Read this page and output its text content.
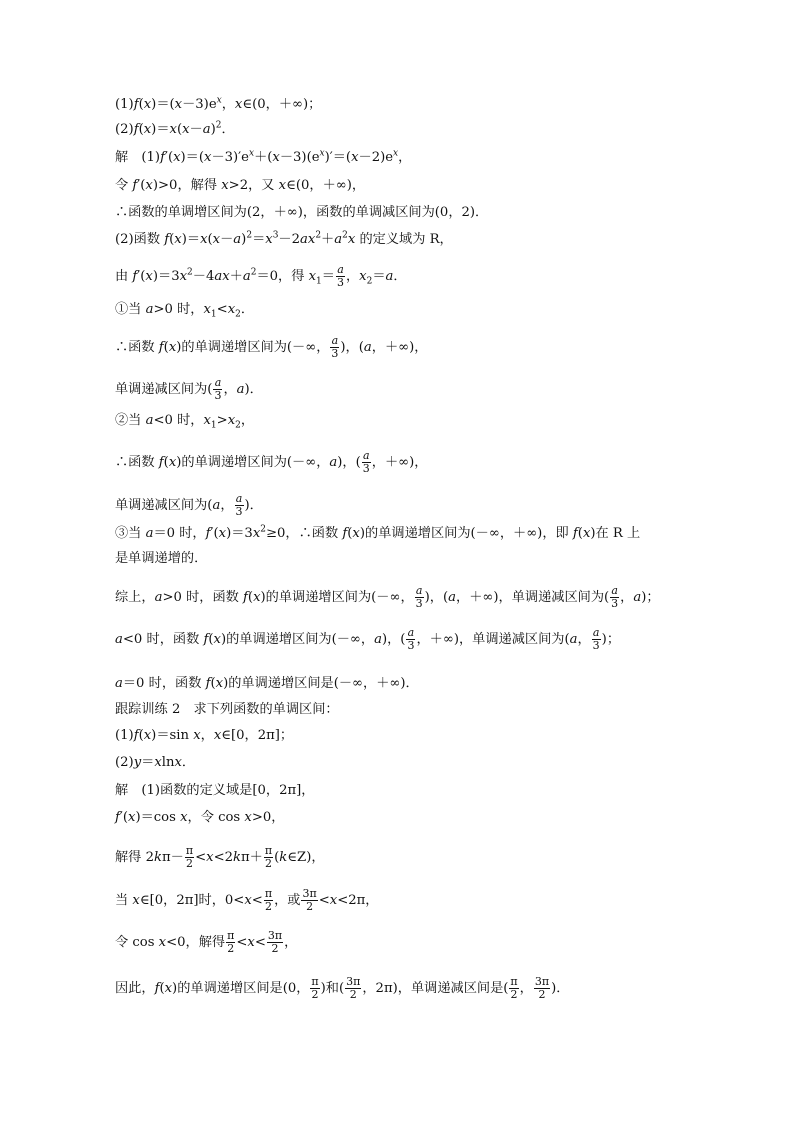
$(1)f(x)=(x-3)e^x$，x∈(0，＋∞)；
$(2)f(x)=x(x-a)^2$．
解　$(1)f'(x)=(x-3)'e^x+(x-3)(e^x)'=(x-2)e^x$，
令 f′(x)>0，解得 x>2，又 x∈(0，＋∞)，
∴函数的单调增区间为(2，＋∞)，函数的单调减区间为(0，2)．
(2)函数 $f(x)=x(x-a)^2=x^3-2ax^2+a^2x$ 的定义域为 R，
由 $f'(x)=3x^2-4ax+a^2=0$，得 $x_1= \frac{a}{3}$ ，$x_2=a$．
①当 a>0 时，$x_1<x_2$．
∴函数 f(x)的单调递增区间为(－∞， $\frac{a}{3}$ )，(a，＋∞)，
单调递减区间为( $\frac{a}{3}$ ，a)．
②当 a<0 时，$x_1>x_2$，
∴函数 f(x)的单调递增区间为(－∞，a)，( $\frac{a}{3}$ ，＋∞)，
单调递减区间为(a， $\frac{a}{3}$ )．
③当 a＝0 时，$f'(x)=3x^2\ge 0$，∴函数 f(x)的单调递增区间为(－∞，＋∞)，即 f(x)在 R 上
是单调递增的．
综上，a>0 时，函数 f(x)的单调递增区间为(－∞， $\frac{a}{3}$ )，(a，＋∞)，单调递减区间为( $\frac{a}{3}$ ，a)；
a<0 时，函数 f(x)的单调递增区间为(－∞，a)，( $\frac{a}{3}$ ，＋∞)，单调递减区间为(a， $\frac{a}{3}$ )；
a＝0 时，函数 f(x)的单调递增区间是(－∞，＋∞)．
跟踪训练 2　求下列函数的单调区间：
(1)f(x)＝sin x，x∈[0，2π]；
(2)y＝xlnx．
解　(1)函数的定义域是[0，2π]，
f′(x)＝cos x，令 cos x>0，
解得 $2k\pi- \frac{\pi}{2} <x<2k\pi+ \frac{\pi}{2}$ (k∈Z)，
当 x∈[0，2π]时，$0<x< \frac{\pi}{2}$ ，或 $\frac{3\pi}{2} <x<2\pi$，
令 cos x<0，解得 $\frac{\pi}{2} <x< \frac{3\pi}{2}$ ，
因此，f(x)的单调递增区间是(0， $\frac{\pi}{2}$ )和( $\frac{3\pi}{2}$ ，2π)，单调递减区间是( $\frac{\pi}{2}$ ， $\frac{3\pi}{2}$ )．
